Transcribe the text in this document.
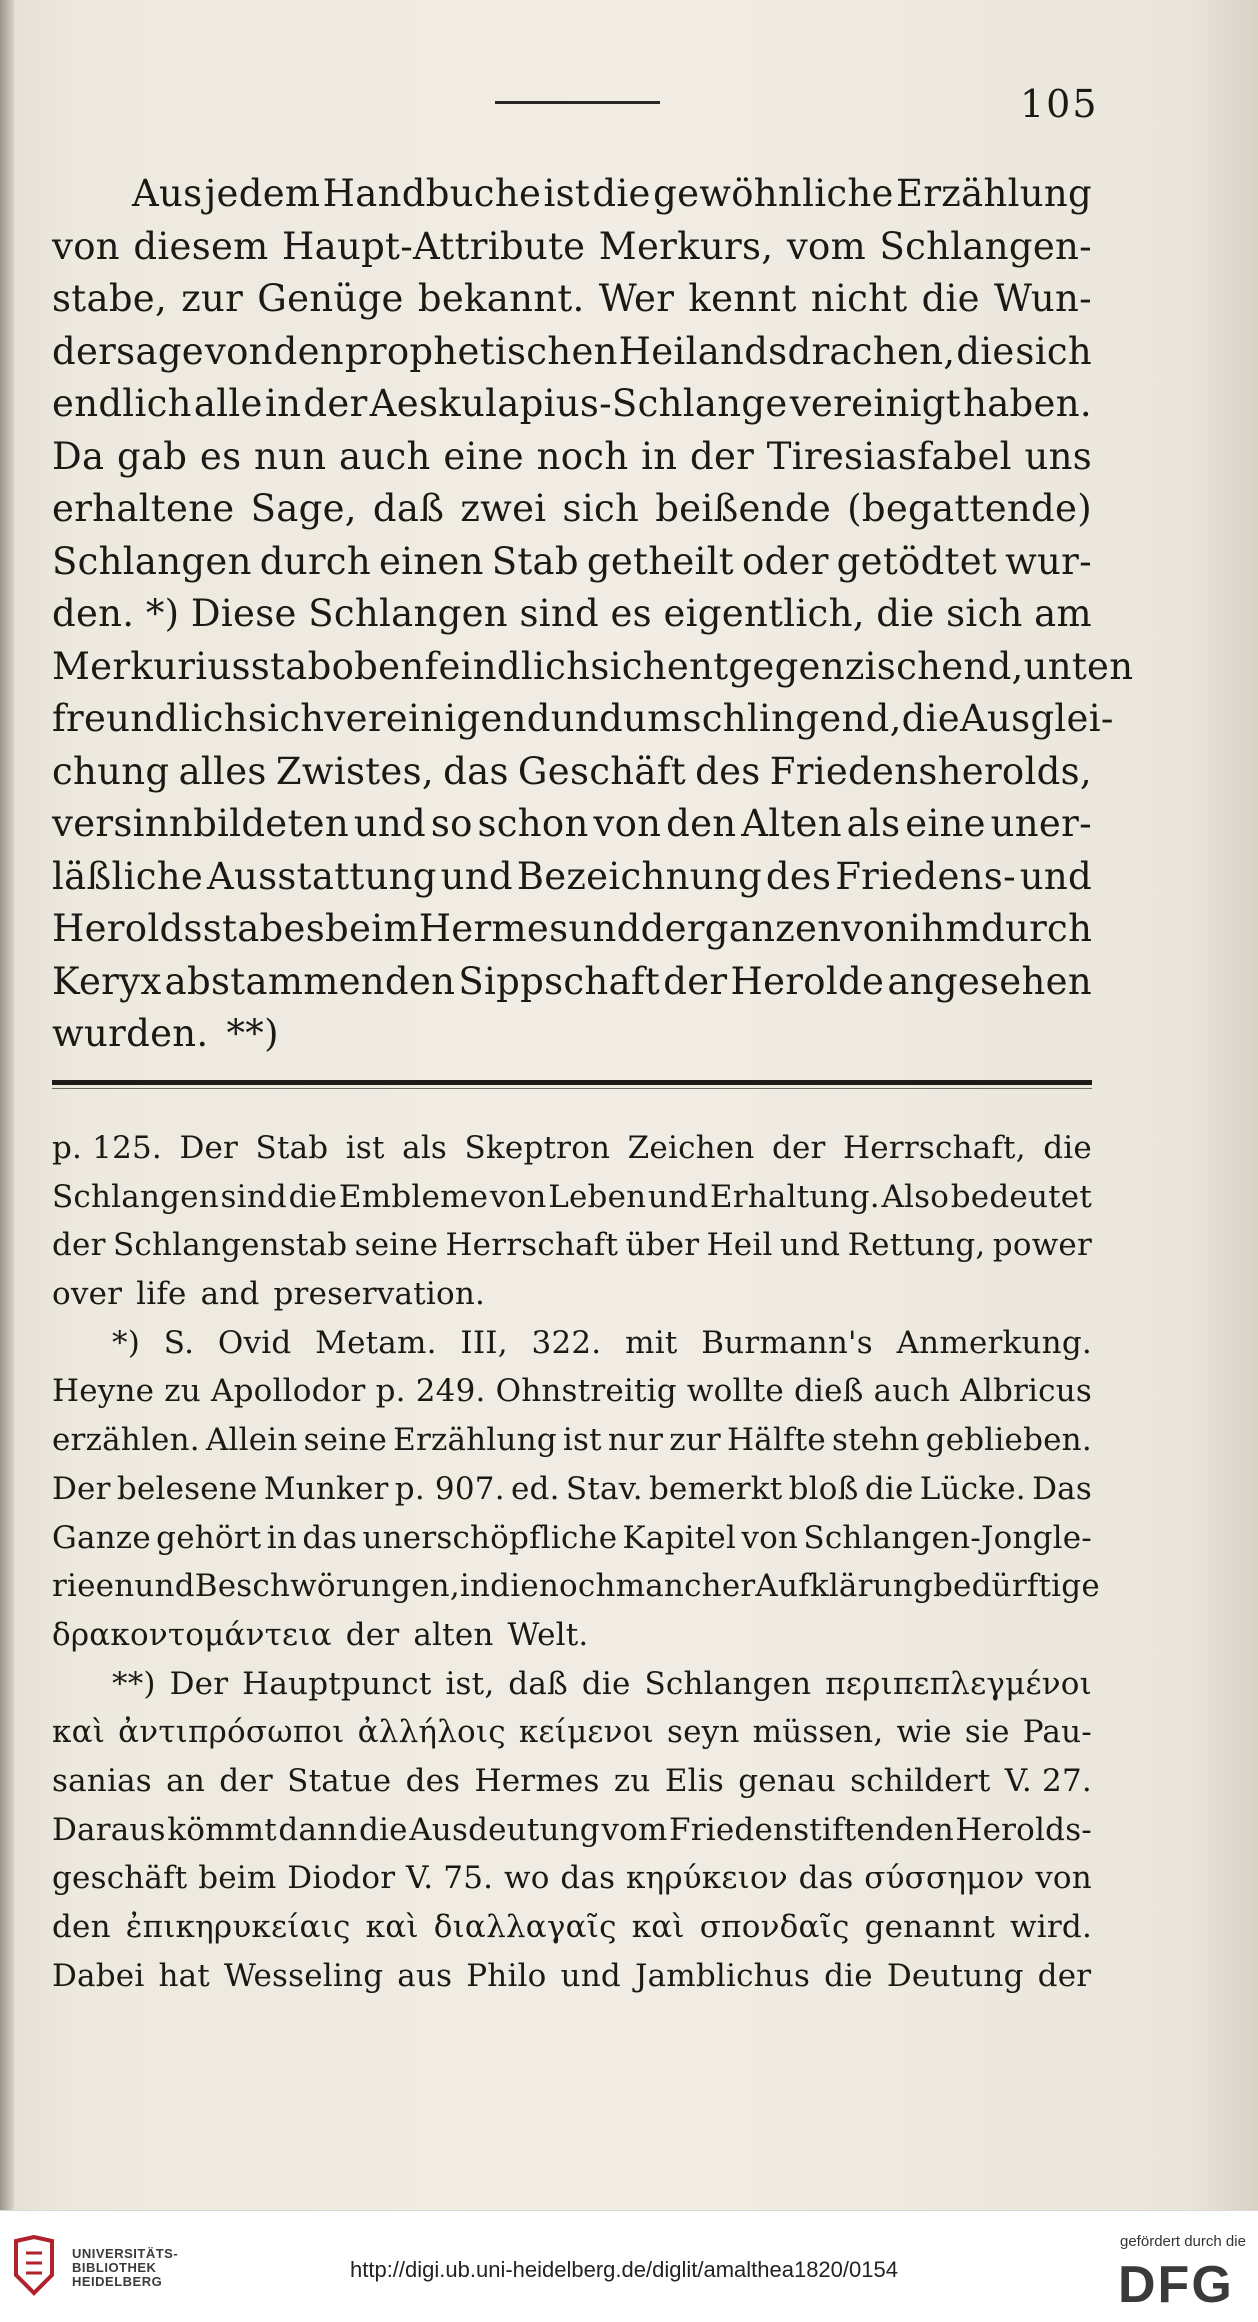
105
Aus jedem Handbuche ist die gewöhnliche Erzählung
von diesem Haupt-Attribute Merkurs, vom Schlangen-
stabe, zur Genüge bekannt. Wer kennt nicht die Wun-
dersage von den prophetischen Heilandsdrachen, die sich
endlich alle in der Aeskulapius-Schlange vereinigt haben.
Da gab es nun auch eine noch in der Tiresiasfabel uns
erhaltene Sage, daß zwei sich beißende (begattende)
Schlangen durch einen Stab getheilt oder getödtet wur-
den. *) Diese Schlangen sind es eigentlich, die sich am
Merkuriusstab oben feindlich sich entgegenzischend, unten
freundlich sich vereinigend und umschlingend, die Ausglei-
chung alles Zwistes, das Geschäft des Friedensherolds,
versinnbildeten und so schon von den Alten als eine uner-
läßliche Ausstattung und Bezeichnung des Friedens- und
Heroldsstabes beim Hermes und der ganzen von ihm durch
Keryx abstammenden Sippschaft der Herolde angesehen
wurden. **)
p. 125. Der Stab ist als Skeptron Zeichen der Herrschaft, die
Schlangen sind die Embleme von Leben und Erhaltung. Also bedeutet
der Schlangenstab seine Herrschaft über Heil und Rettung, power
over life and preservation.
*) S. Ovid Metam. III, 322. mit Burmann's Anmerkung.
Heyne zu Apollodor p. 249. Ohnstreitig wollte dieß auch Albricus
erzählen. Allein seine Erzählung ist nur zur Hälfte stehn geblieben.
Der belesene Munker p. 907. ed. Stav. bemerkt bloß die Lücke. Das
Ganze gehört in das unerschöpfliche Kapitel von Schlangen-Jongle-
rieen und Beschwörungen, in die noch mancher Aufklärung bedürftige
δρακοντομάντεια der alten Welt.
**) Der Hauptpunct ist, daß die Schlangen περιπεπλεγμένοι
καὶ ἀντιπρόσωποι ἀλλήλοις κείμενοι seyn müssen, wie sie Pau-
sanias an der Statue des Hermes zu Elis genau schildert V. 27.
Daraus kömmt dann die Ausdeutung vom Friedenstiftenden Herolds-
geschäft beim Diodor V. 75. wo das κηρύκειον das σύσσημον von
den ἐπικηρυκείαις καὶ διαλλαγαῖς καὶ σπονδαῖς genannt wird.
Dabei hat Wesseling aus Philo und Jamblichus die Deutung der
UNIVERSITÄTS-
BIBLIOTHEK
HEIDELBERG	http://digi.ub.uni-heidelberg.de/diglit/amalthea1820/0154
gefördert durch die
DFG
